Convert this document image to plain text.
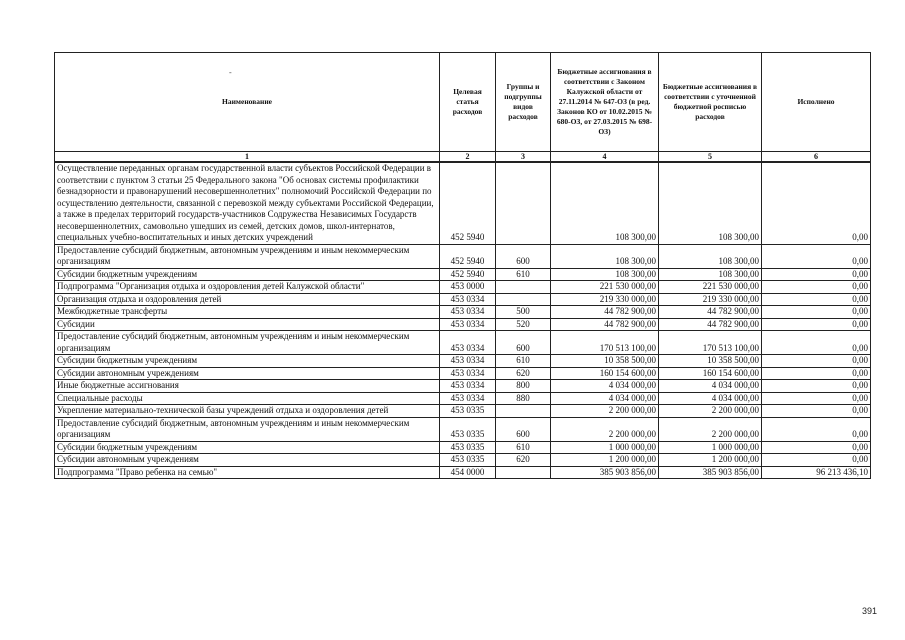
-
Наименование	Целевая статья расходов	Группы и подгруппы видов расходов	Бюджетные ассигнования в соответствии с Законом Калужской области от 27.11.2014 № 647-ОЗ (в ред. Законов КО от 10.02.2015 № 680-ОЗ, от 27.03.2015 № 698-ОЗ)	Бюджетные ассигнования в соответствии с уточненной бюджетной росписью расходов	Исполнено
1	2	3	4	5	6
Осуществление переданных органам государственной власти субъектов Российской Федерации в соответствии с пунктом 3 статьи 25 Федерального закона "Об основах системы профилактики безнадзорности и правонарушений несовершеннолетних" полномочий Российской Федерации по осуществлению деятельности, связанной с перевозкой между субъектами Российской Федерации, а также в пределах территорий государств-участников Содружества Независимых Государств несовершеннолетних, самовольно ушедших из семей, детских домов, школ-интернатов, специальных учебно-воспитательных и иных детских учреждений	452 5940		108 300,00	108 300,00	0,00
Предоставление субсидий бюджетным, автономным учреждениям и иным некоммерческим организациям	452 5940	600	108 300,00	108 300,00	0,00
Субсидии бюджетным учреждениям	452 5940	610	108 300,00	108 300,00	0,00
Подпрограмма "Организация отдыха и оздоровления детей Калужской области"	453 0000		221 530 000,00	221 530 000,00	0,00
Организация отдыха и оздоровления детей	453 0334		219 330 000,00	219 330 000,00	0,00
Межбюджетные трансферты	453 0334	500	44 782 900,00	44 782 900,00	0,00
Субсидии	453 0334	520	44 782 900,00	44 782 900,00	0,00
Предоставление субсидий бюджетным, автономным учреждениям и иным некоммерческим организациям	453 0334	600	170 513 100,00	170 513 100,00	0,00
Субсидии бюджетным учреждениям	453 0334	610	10 358 500,00	10 358 500,00	0,00
Субсидии автономным учреждениям	453 0334	620	160 154 600,00	160 154 600,00	0,00
Иные бюджетные ассигнования	453 0334	800	4 034 000,00	4 034 000,00	0,00
Специальные расходы	453 0334	880	4 034 000,00	4 034 000,00	0,00
Укрепление материально-технической базы учреждений отдыха и оздоровления детей	453 0335		2 200 000,00	2 200 000,00	0,00
Предоставление субсидий бюджетным, автономным учреждениям и иным некоммерческим организациям	453 0335	600	2 200 000,00	2 200 000,00	0,00
Субсидии бюджетным учреждениям	453 0335	610	1 000 000,00	1 000 000,00	0,00
Субсидии автономным учреждениям	453 0335	620	1 200 000,00	1 200 000,00	0,00
Подпрограмма "Право ребенка на семью"	454 0000		385 903 856,00	385 903 856,00	96 213 436,10
391
